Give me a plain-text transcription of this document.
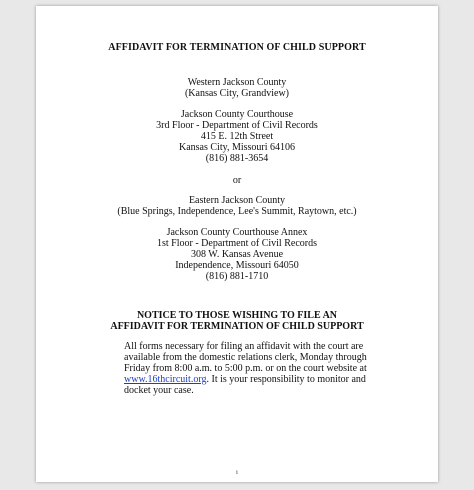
AFFIDAVIT FOR TERMINATION OF CHILD SUPPORT
Western Jackson County
(Kansas City, Grandview)
Jackson County Courthouse
3rd Floor - Department of Civil Records
415 E. 12th Street
Kansas City, Missouri 64106
(816) 881-3654
or
Eastern Jackson County
(Blue Springs, Independence, Lee's Summit, Raytown, etc.)
Jackson County Courthouse Annex
1st Floor - Department of Civil Records
308 W. Kansas Avenue
Independence, Missouri 64050
(816) 881-1710
NOTICE TO THOSE WISHING TO FILE AN
AFFIDAVIT FOR TERMINATION OF CHILD SUPPORT
All forms necessary for filing an affidavit with the court are
available from the domestic relations clerk, Monday through
Friday from 8:00 a.m. to 5:00 p.m. or on the court website at
www.16thcircuit.org. It is your responsibility to monitor and
docket your case.
i
